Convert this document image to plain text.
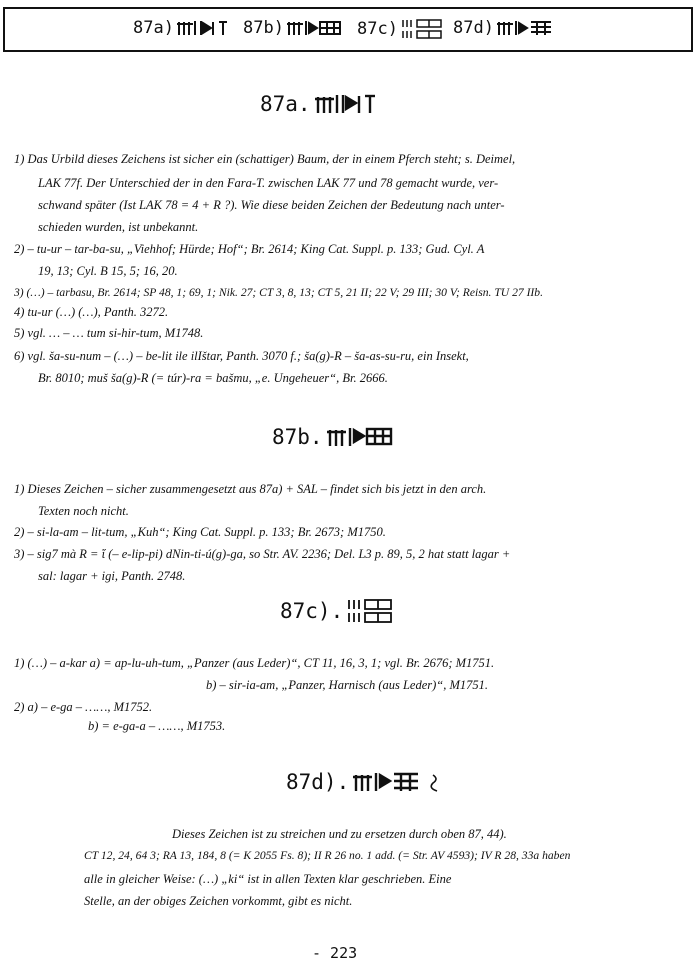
87a)	87b)	87c)	87d)
87a.
1) Das Urbild dieses Zeichens ist sicher ein (schattiger) Baum, der in einem Pferch steht; s. Deimel,
LAK 77f. Der Unterschied der in den Fara-T. zwischen LAK 77 und 78 gemacht wurde, ver-
schwand später (Ist LAK 78 = 4 + R ?). Wie diese beiden Zeichen der Bedeutung nach unter-
schieden wurden, ist unbekannt.
2) – tu-ur – tar-ba-su, „Viehhof; Hürde; Hof“; Br. 2614; King Cat. Suppl. p. 133; Gud. Cyl. A
19, 13; Cyl. B 15, 5; 16, 20.
3) (…) – tarbasu, Br. 2614; SP 48, 1; 69, 1; Nik. 27; CT 3, 8, 13; CT 5, 21 II; 22 V; 29 III; 30 V; Reisn. TU 27 IIb.
4) tu-ur (…) (…), Panth. 3272.
5) vgl. … – … tum si-hir-tum, M1748.
6) vgl. ša-su-num – (…) – be-lit ile ilIštar, Panth. 3070 f.; ša(g)-R – ša-as-su-ru, ein Insekt,
Br. 8010; muš ša(g)-R (= túr)-ra = bašmu, „e. Ungeheuer“, Br. 2666.
87b.
1) Dieses Zeichen – sicher zusammengesetzt aus 87a) + SAL – findet sich bis jetzt in den arch.
Texten noch nicht.
2) – si-la-am – lit-tum, „Kuh“; King Cat. Suppl. p. 133; Br. 2673; M1750.
3) – sig7 mà R = ἵ (– e-lip-pi) dNin-ti-ú(g)-ga, so Str. AV. 2236; Del. L3 p. 89, 5, 2 hat statt lagar +
sal: lagar + igi, Panth. 2748.
87c).
1) (…) – a-kar a) = ap-lu-uh-tum, „Panzer (aus Leder)“, CT 11, 16, 3, 1; vgl. Br. 2676; M1751.
b) – sir-ia-am, „Panzer, Harnisch (aus Leder)“, M1751.
2) a) – e-ga – ……, M1752.
b) = e-ga-a – ……, M1753.
87d).
Dieses Zeichen ist zu streichen und zu ersetzen durch oben 87, 44).
CT 12, 24, 64 3; RA 13, 184, 8 (= K 2055 Fs. 8); II R 26 no. 1 add. (= Str. AV 4593); IV R 28, 33a haben
alle in gleicher Weise: (…) „ki“ ist in allen Texten klar geschrieben. Eine
Stelle, an der obiges Zeichen vorkommt, gibt es nicht.
- 223
